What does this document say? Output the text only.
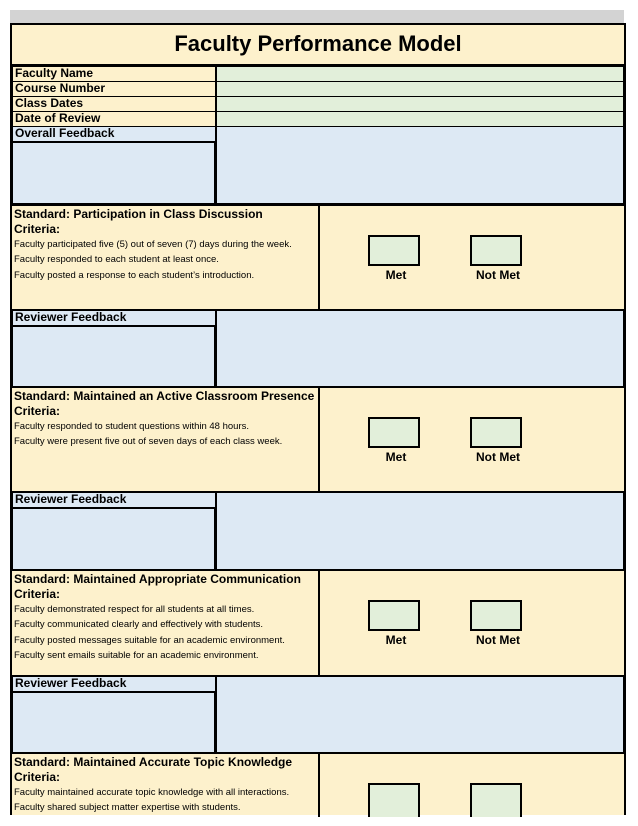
Faculty Performance Model
Faculty Name
Course Number
Class Dates
Date of Review
Overall Feedback
Standard: Participation in Class Discussion
Criteria:
Faculty participated five (5) out of seven (7) days during the week.
Faculty responded to each student at least once.
Faculty posted a response to each student’s introduction.	Met	Not Met
Reviewer Feedback
Standard: Maintained an Active Classroom Presence
Criteria:
Faculty responded to student questions within 48 hours.
Faculty were present five out of seven days of each class week.
Met	Not Met
Reviewer Feedback
Standard: Maintained Appropriate Communication
Criteria:
Faculty demonstrated respect for all students at all times.
Faculty communicated clearly and effectively with students.
Faculty posted messages suitable for an academic environment.
Faculty sent emails suitable for an academic environment.
Met	Not Met
Reviewer Feedback
Standard: Maintained Accurate Topic Knowledge
Criteria:
Faculty maintained accurate topic knowledge with all interactions.
Faculty shared subject matter expertise with students.
